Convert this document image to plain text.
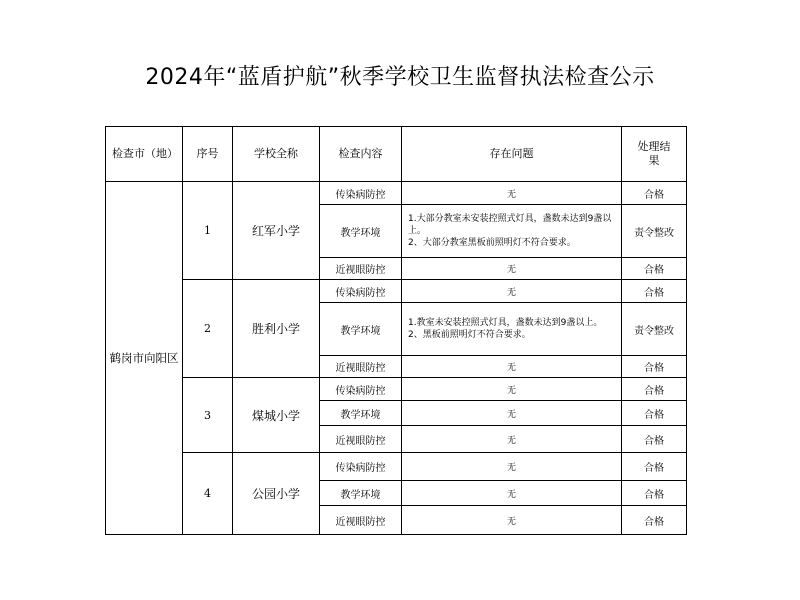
2024年“蓝盾护航”秋季学校卫生监督执法检查公示
检查市（地）	序号	学校全称	检查内容	存在问题	处理结果
鹤岗市向阳区	1	红军小学	传染病防控	无	合格
			教学环境	1.大部分教室未安装控照式灯具，盏数未达到9盏以上。
2、大部分教室黑板前照明灯不符合要求。	责令整改
			近视眼防控	无	合格
	2	胜利小学	传染病防控	无	合格
			教学环境	1.教室未安装控照式灯具，盏数未达到9盏以上。
2、黑板前照明灯不符合要求。	责令整改
			近视眼防控	无	合格
	3	煤城小学	传染病防控	无	合格
			教学环境	无	合格
			近视眼防控	无	合格
	4	公园小学	传染病防控	无	合格
			教学环境	无	合格
			近视眼防控	无	合格
